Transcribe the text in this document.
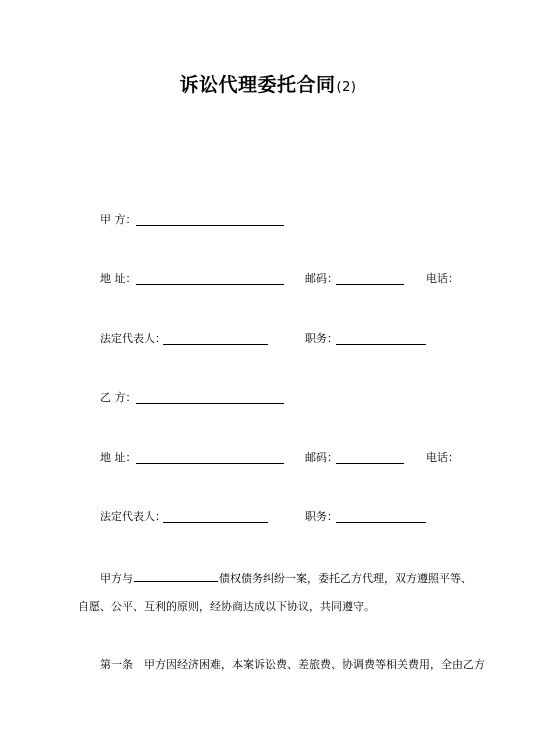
诉讼代理委托合同(2)
甲 方：
地 址：	邮码：	电话：
法定代表人：	职务：
乙 方：
地 址：	邮码：	电话：
法定代表人：	职务：
甲方与	债权债务纠纷一案，委托乙方代理，双方遵照平等、
自愿、公平、互利的原则，经协商达成以下协议，共同遵守。
第一条　甲方因经济困难，本案诉讼费、差旅费、协调费等相关费用，全由乙方
